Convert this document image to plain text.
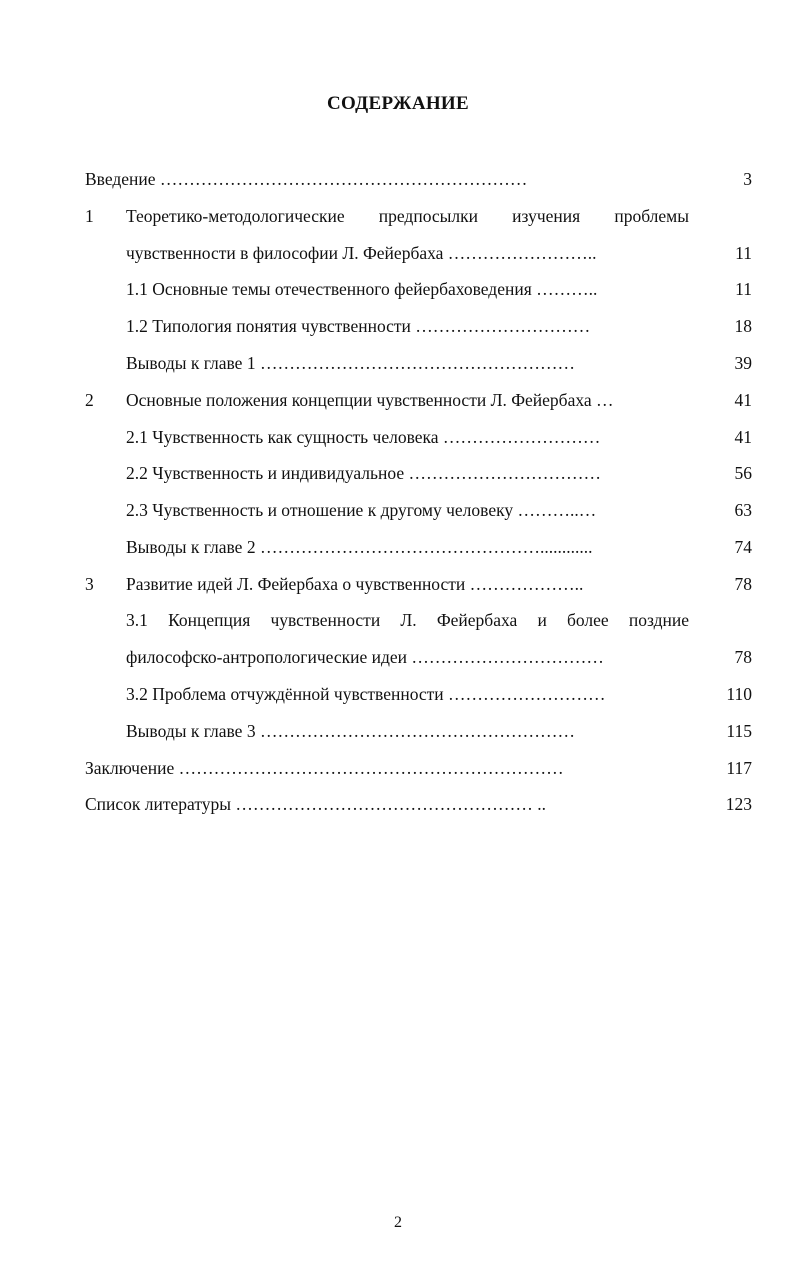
СОДЕРЖАНИЕ
Введение ………………………………………………………	3
1 Теоретико-методологические предпосылки изучения проблемы
чувственности в философии Л. Фейербаха ……………………..	11
1.1 Основные темы отечественного фейербаховедения ………..	11
1.2 Типология понятия чувственности …………………………	18
Выводы к главе 1 ………………………………………………	39
2 Основные положения концепции чувственности Л. Фейербаха …	41
2.1 Чувственность как сущность человека ………………………	41
2.2 Чувственность и индивидуальное ……………………………	56
2.3 Чувственность и отношение к другому человеку ………..…	63
Выводы к главе 2 …………………………………………............	74
3 Развитие идей Л. Фейербаха о чувственности ………………..	78
3.1 Концепция чувственности Л. Фейербаха и более поздние
философско-антропологические идеи ……………………………	78
3.2 Проблема отчуждённой чувственности ………………………	110
Выводы к главе 3 ………………………………………………	115
Заключение …………………………………………………………	117
Список литературы …………………………………………… ..	123
2
